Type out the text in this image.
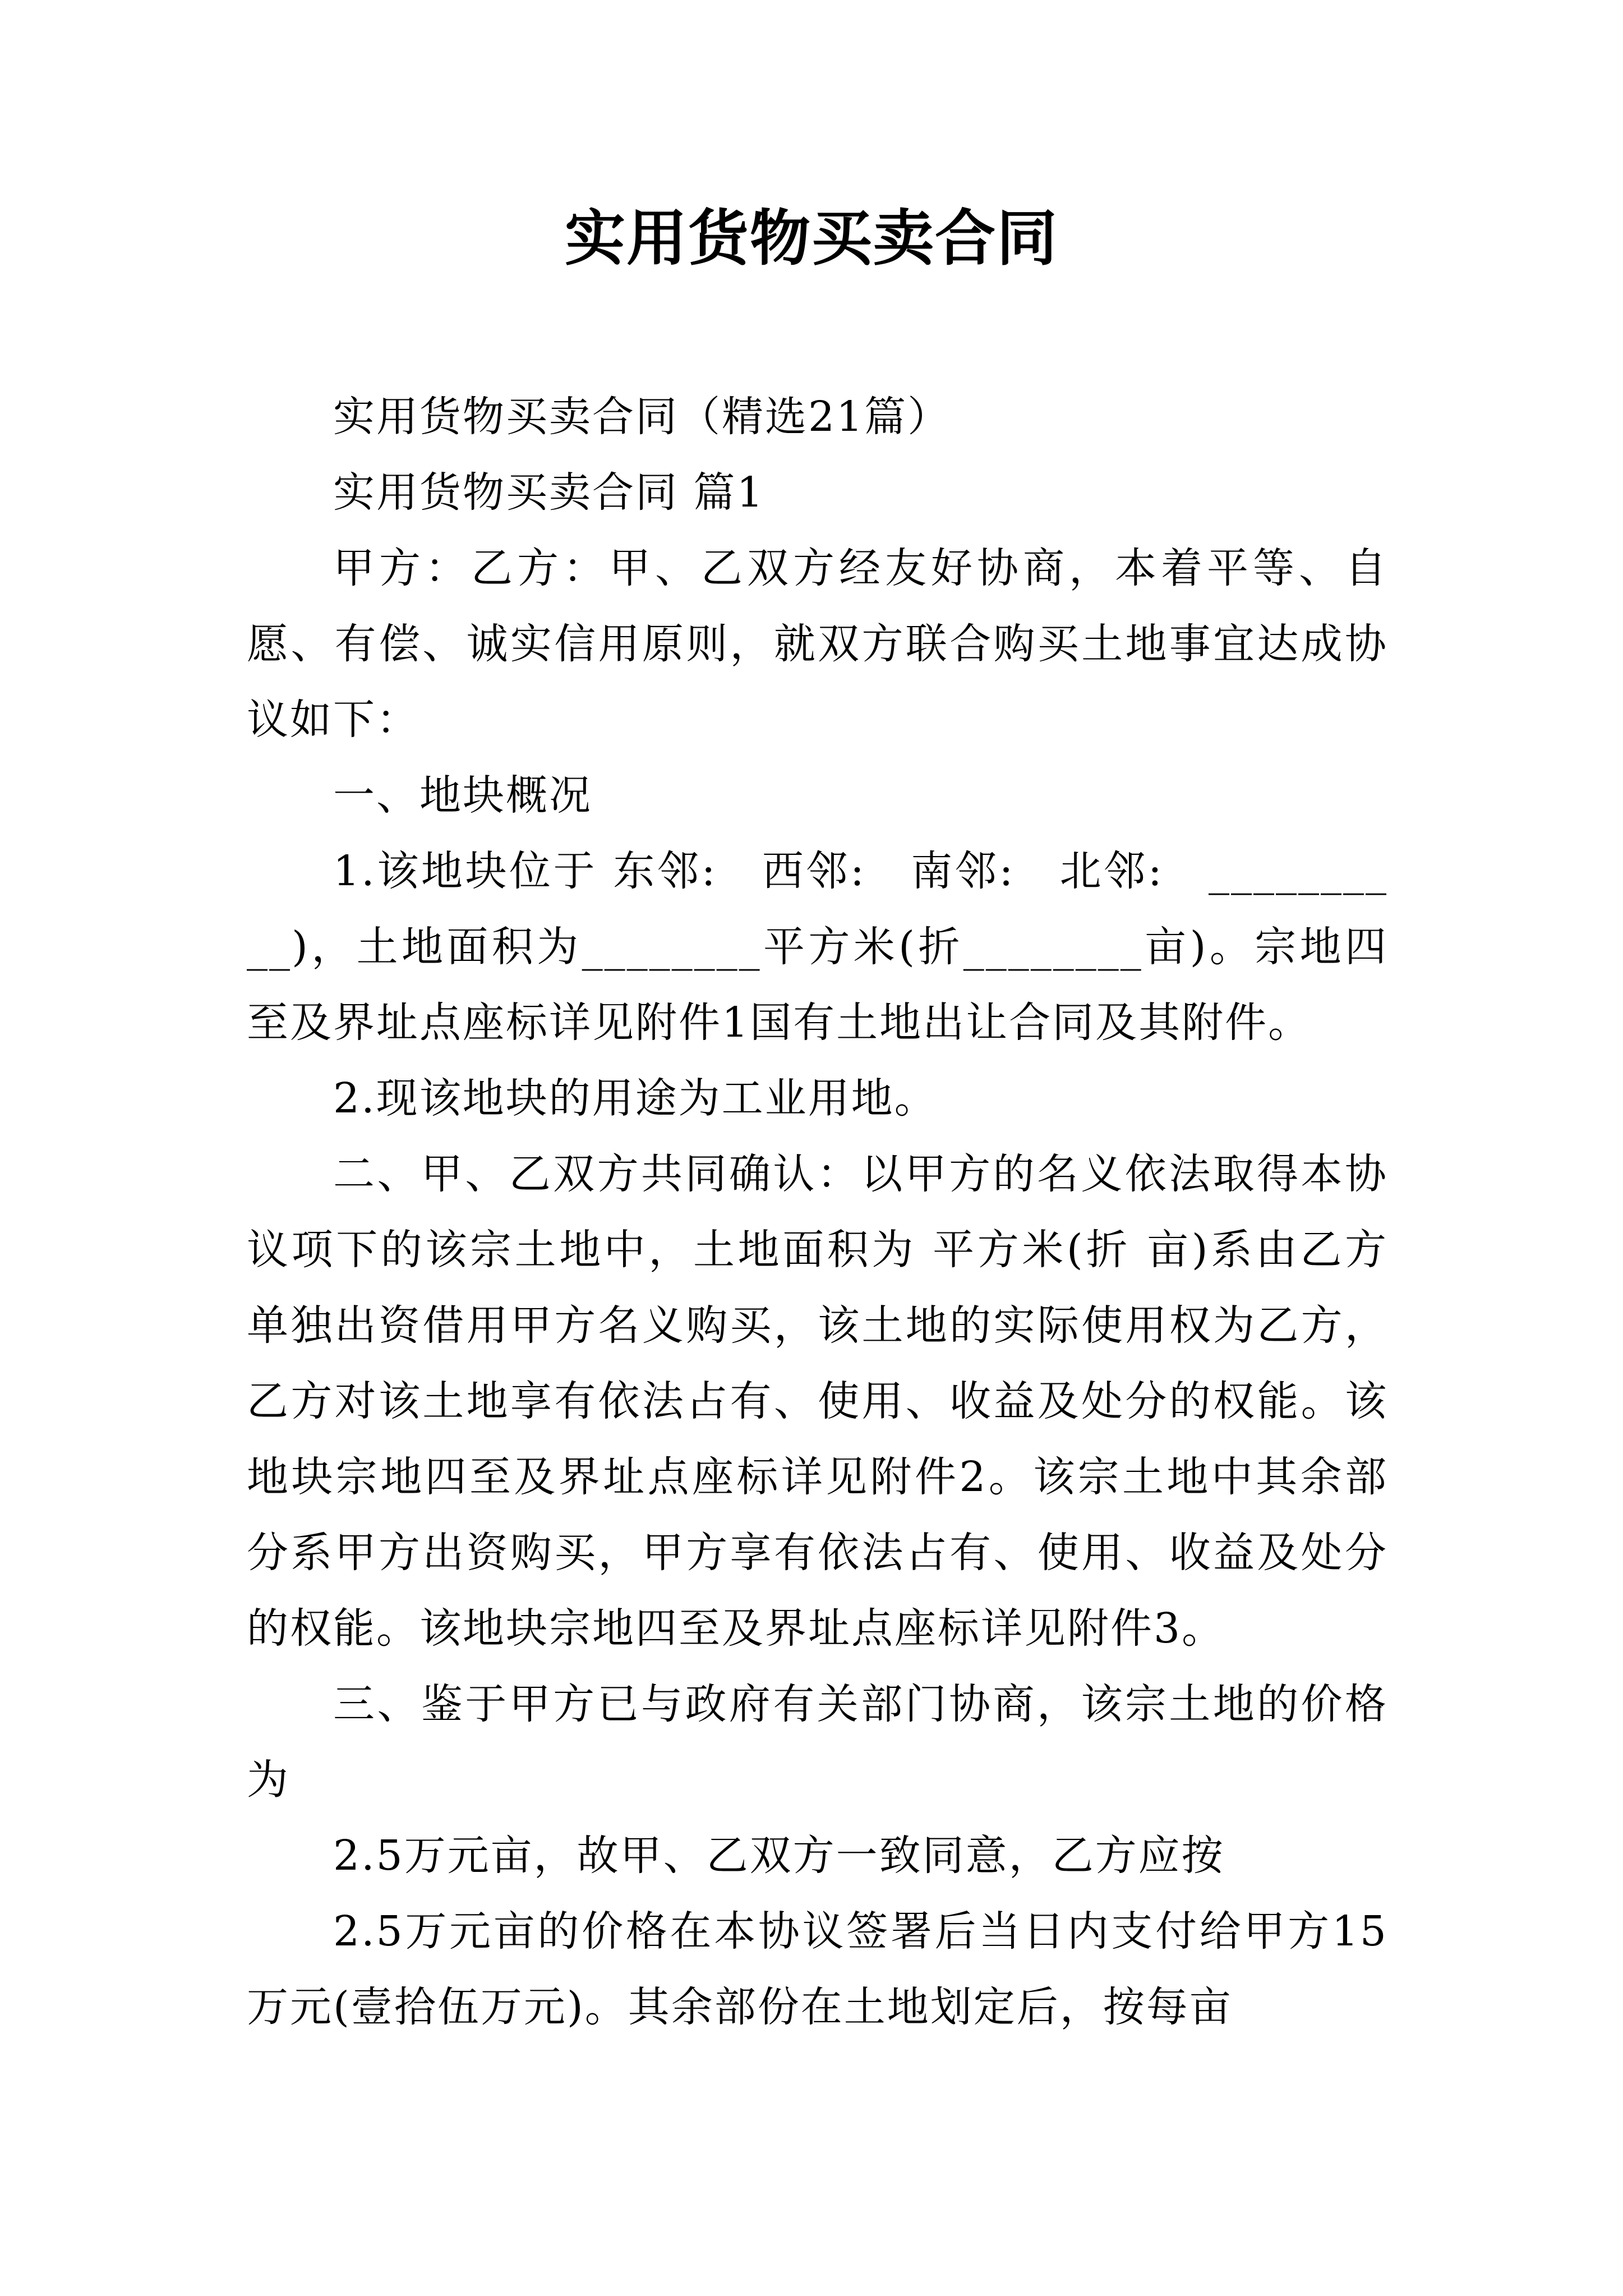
实用货物买卖合同

实用货物买卖合同（精选21篇）

实用货物买卖合同 篇1

甲方：乙方：甲、乙双方经友好协商，本着平等、自愿、有偿、诚实信用原则，就双方联合购买土地事宜达成协议如下：

一、地块概况

1.该地块位于 东邻:　西邻:　南邻:　北邻:　__________)，土地面积为________平方米(折________亩)。宗地四至及界址点座标详见附件1国有土地出让合同及其附件。

2.现该地块的用途为工业用地。

二、甲、乙双方共同确认：以甲方的名义依法取得本协议项下的该宗土地中，土地面积为 平方米(折 亩)系由乙方单独出资借用甲方名义购买，该土地的实际使用权为乙方，乙方对该土地享有依法占有、使用、收益及处分的权能。该地块宗地四至及界址点座标详见附件2。该宗土地中其余部分系甲方出资购买，甲方享有依法占有、使用、收益及处分的权能。该地块宗地四至及界址点座标详见附件3。

三、鉴于甲方已与政府有关部门协商，该宗土地的价格为

2.5万元亩，故甲、乙双方一致同意，乙方应按

2.5万元亩的价格在本协议签署后当日内支付给甲方15万元(壹拾伍万元)。其余部份在土地划定后，按每亩
